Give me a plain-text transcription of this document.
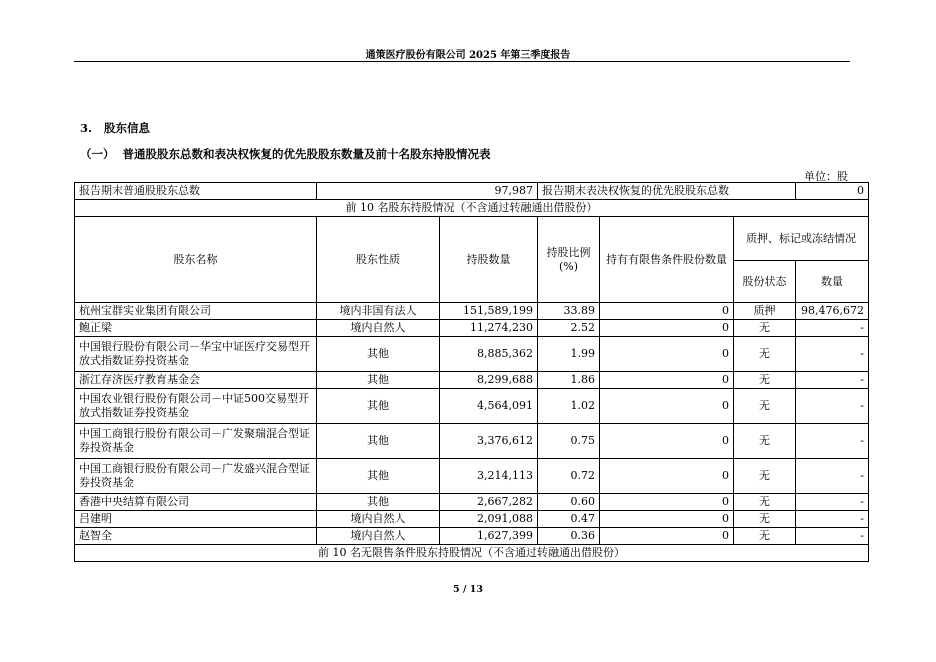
通策医疗股份有限公司 2025 年第三季度报告
3. 股东信息
（一） 普通股股东总数和表决权恢复的优先股股东数量及前十名股东持股情况表
单位：股
报告期末普通股股东总数	97,987		报告期末表决权恢复的优先股股东总数			0
前 10 名股东持股情况（不含通过转融通出借股份）						
股东名称	股东性质	持股数量	持股比例(%)	持有有限售条件股份数量	质押、标记或冻结情况	
					股份状态	数量
杭州宝群实业集团有限公司	境内非国有法人	151,589,199	33.89	0	质押	98,476,672
鲍正梁	境内自然人	11,274,230	2.52	0	无	-
中国银行股份有限公司－华宝中证医疗交易型开放式指数证券投资基金	其他	8,885,362	1.99	0	无	-
浙江存济医疗教育基金会	其他	8,299,688	1.86	0	无	-
中国农业银行股份有限公司－中证500交易型开放式指数证券投资基金	其他	4,564,091	1.02	0	无	-
中国工商银行股份有限公司－广发聚瑞混合型证券投资基金	其他	3,376,612	0.75	0	无	-
中国工商银行股份有限公司－广发盛兴混合型证券投资基金	其他	3,214,113	0.72	0	无	-
香港中央结算有限公司	其他	2,667,282	0.60	0	无	-
吕建明	境内自然人	2,091,088	0.47	0	无	-
赵智全	境内自然人	1,627,399	0.36	0	无	-
前 10 名无限售条件股东持股情况（不含通过转融通出借股份）						
5 / 13
